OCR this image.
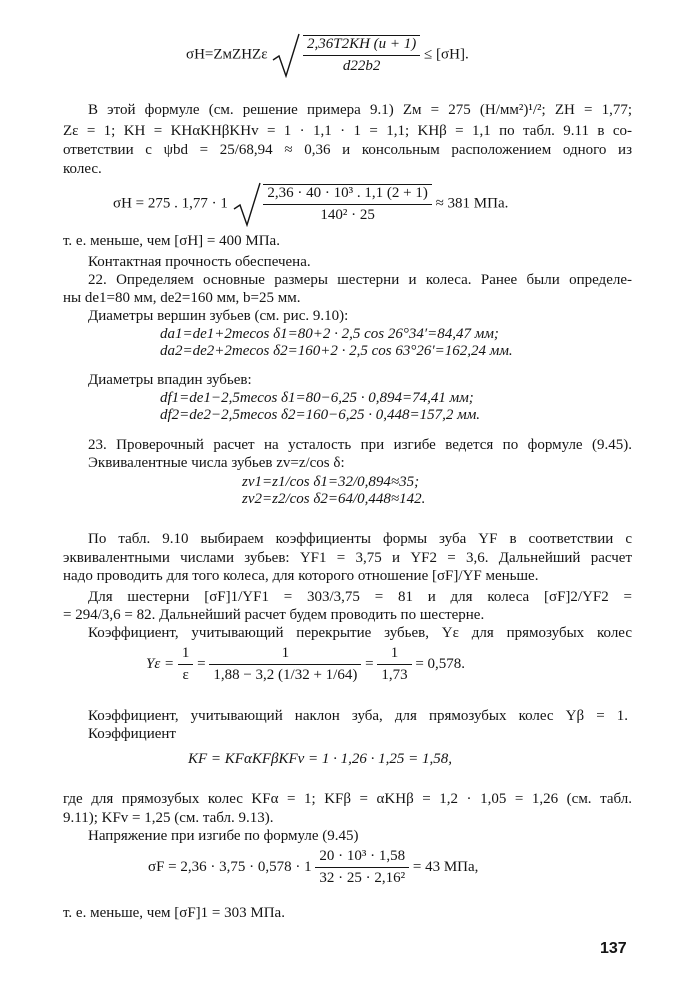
σH=ZмZHZε $\frac{2,36T2KH (u + 1)}{d22b2} \le [\sigma H]$.
В этой формуле (см. решение примера 9.1) Zм = 275 (Н/мм²)¹/²; ZH = 1,77;
Zε = 1; KH = KHαKHβKHv = 1 · 1,1 · 1 = 1,1; KHβ = 1,1 по табл. 9.11 в со-
ответствии с ψbd = 25/68,94 ≈ 0,36 и консольным расположением одного из
колес.
σH = 275 . $1,77 \cdot 1 \frac{\text{2,36 · 40 · 10³ . 1,1 (2 + 1)}}{\text{140² · 25}} \approx 381$ МПа.
т. е. меньше, чем [σH] = 400 МПа.
Контактная прочность обеспечена.
22. Определяем основные размеры шестерни и колеса. Ранее были определе-
ны de1=80 мм, de2=160 мм, b=25 мм.
Диаметры вершин зубьев (см. рис. 9.10):
da1=de1+2mecos δ1=80+2 · 2,5 cos 26°34′=84,47 мм;
da2=de2+2mecos δ2=160+2 · 2,5 cos 63°26′=162,24 мм.
Диаметры впадин зубьев:
df1=de1−2,5mecos δ1=80−6,25 · 0,894=74,41 мм;
df2=de2−2,5mecos δ2=160−6,25 · 0,448=157,2 мм.
23. Проверочный расчет на усталость при изгибе ведется по формуле (9.45).
Эквивалентные числа зубьев zv=z/cos δ:
zv1=z1/cos δ1=32/0,894≈35;
zv2=z2/cos δ2=64/0,448≈142.
По табл. 9.10 выбираем коэффициенты формы зуба YF в соответствии с
эквивалентными числами зубьев: YF1 = 3,75 и YF2 = 3,6. Дальнейший расчет
надо проводить для того колеса, для которого отношение [σF]/YF меньше.
Для шестерни [σF]1/YF1 = 303/3,75 = 81 и для колеса [σF]2/YF2 =
= 294/3,6 = 82. Дальнейший расчет будем проводить по шестерне.
Коэффициент, учитывающий перекрытие зубьев, Yε для прямозубых колес
$Y\varepsilon = \frac{1}{\varepsilon} = \frac{1}{1,88 - 3,2 (1/32 + 1/64)} = \frac{1}{1,73} = 0,578$.
Коэффициент, учитывающий наклон зуба, для прямозубых колес Yβ = 1.
Коэффициент
KF = KFαKFβKFv = 1 · 1,26 · 1,25 = 1,58,
где для прямозубых колес KFα = 1; KFβ = αKHβ = 1,2 · 1,05 = 1,26 (см. табл.
9.11); KFv = 1,25 (см. табл. 9.13).
Напряжение при изгибе по формуле (9.45)
$\sigma F = 2,36 \cdot 3,75 \cdot 0,578 \cdot 1 \frac{\text{20 · 10³ · 1,58}}{\text{32 · 25 · 2,16²}} = 43$ МПа,
т. е. меньше, чем [σF]1 = 303 МПа.
137
